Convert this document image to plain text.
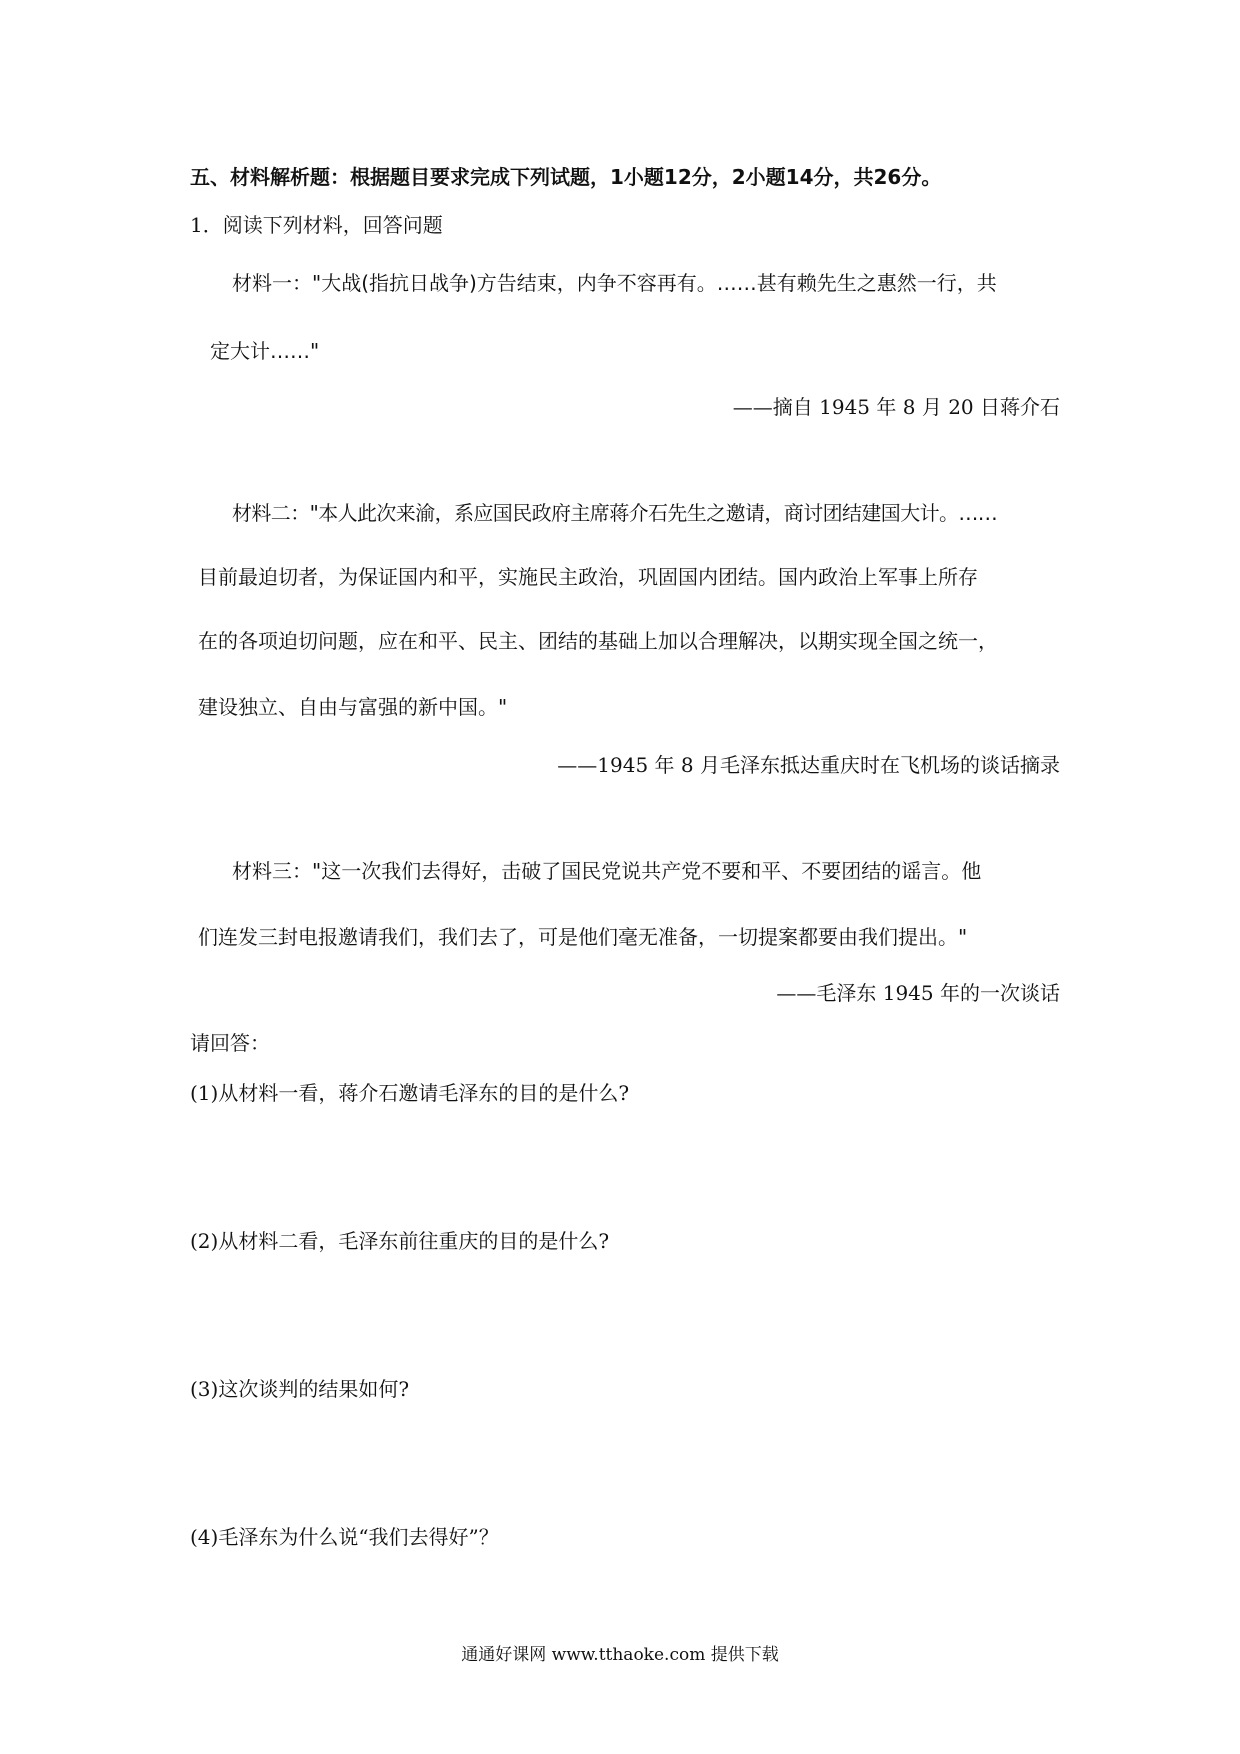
五、材料解析题：根据题目要求完成下列试题，1小题12分，2小题14分，共26分。
1．阅读下列材料，回答问题
材料一："大战(指抗日战争)方告结束，内争不容再有。……甚有赖先生之惠然一行，共
定大计……"
——摘自 1945 年 8 月 20 日蒋介石
材料二："本人此次来渝，系应国民政府主席蒋介石先生之邀请，商讨团结建国大计。……
目前最迫切者，为保证国内和平，实施民主政治，巩固国内团结。国内政治上军事上所存
在的各项迫切问题，应在和平、民主、团结的基础上加以合理解决，以期实现全国之统一，
建设独立、自由与富强的新中国。"
——1945 年 8 月毛泽东抵达重庆时在飞机场的谈话摘录
材料三："这一次我们去得好，击破了国民党说共产党不要和平、不要团结的谣言。他
们连发三封电报邀请我们，我们去了，可是他们毫无准备，一切提案都要由我们提出。"
——毛泽东 1945 年的一次谈话
请回答：
(1)从材料一看，蒋介石邀请毛泽东的目的是什么?
(2)从材料二看，毛泽东前往重庆的目的是什么?
(3)这次谈判的结果如何?
(4)毛泽东为什么说“我们去得好”？
通通好课网 www.tthaoke.com 提供下载
